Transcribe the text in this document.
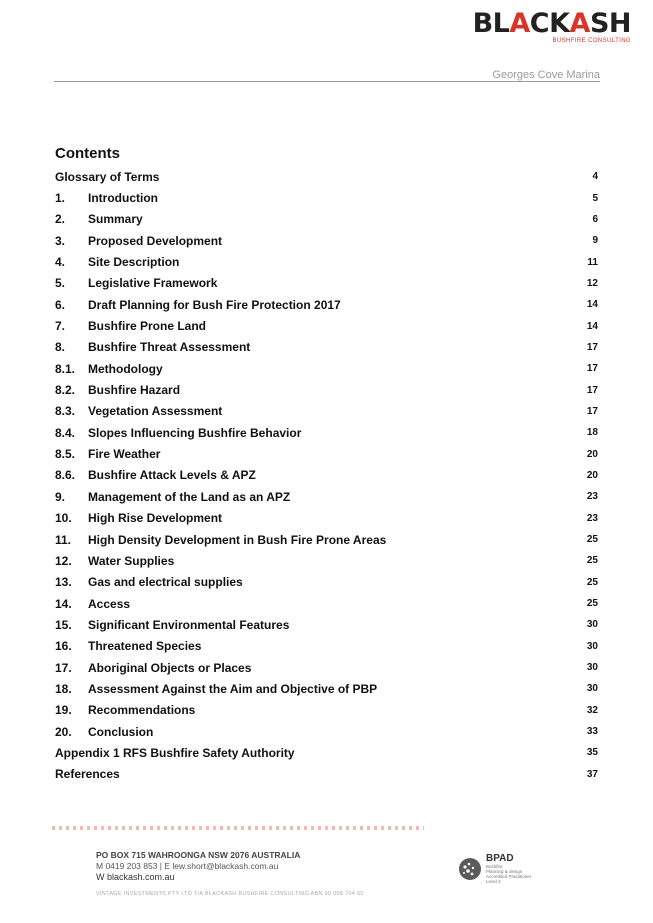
BLACKASH
BUSHFIRE CONSULTING
Georges Cove Marina
Contents
Glossary of Terms	4
1.	Introduction	5
2.	Summary	6
3.	Proposed Development	9
4.	Site Description	11
5.	Legislative Framework	12
6.	Draft Planning for Bush Fire Protection 2017	14
7.	Bushfire Prone Land	14
8.	Bushfire Threat Assessment	17
8.1.	Methodology	17
8.2.	Bushfire Hazard	17
8.3.	Vegetation Assessment	17
8.4.	Slopes Influencing Bushfire Behavior	18
8.5.	Fire Weather	20
8.6.	Bushfire Attack Levels & APZ	20
9.	Management of the Land as an APZ	23
10.	High Rise Development	23
11.	High Density Development in Bush Fire Prone Areas	25
12.	Water Supplies	25
13.	Gas and electrical supplies	25
14.	Access	25
15.	Significant Environmental Features	30
16.	Threatened Species	30
17.	Aboriginal Objects or Places	30
18.	Assessment Against the Aim and Objective of PBP	30
19.	Recommendations	32
20.	Conclusion	33
Appendix 1 RFS Bushfire Safety Authority	35
References	37
PO BOX 715 WAHROONGA NSW 2076 AUSTRALIA
M 0419 203 853 | E lew.short@blackash.com.au
W blackash.com.au
VINTAGE INVESTMENTS PTY LTD T/A BLACKASH BUSHFIRE CONSULTING ABN 99 008 704 60
BPAD
Bushfire
Planning & design
Accredited Practitioner
Level 3
